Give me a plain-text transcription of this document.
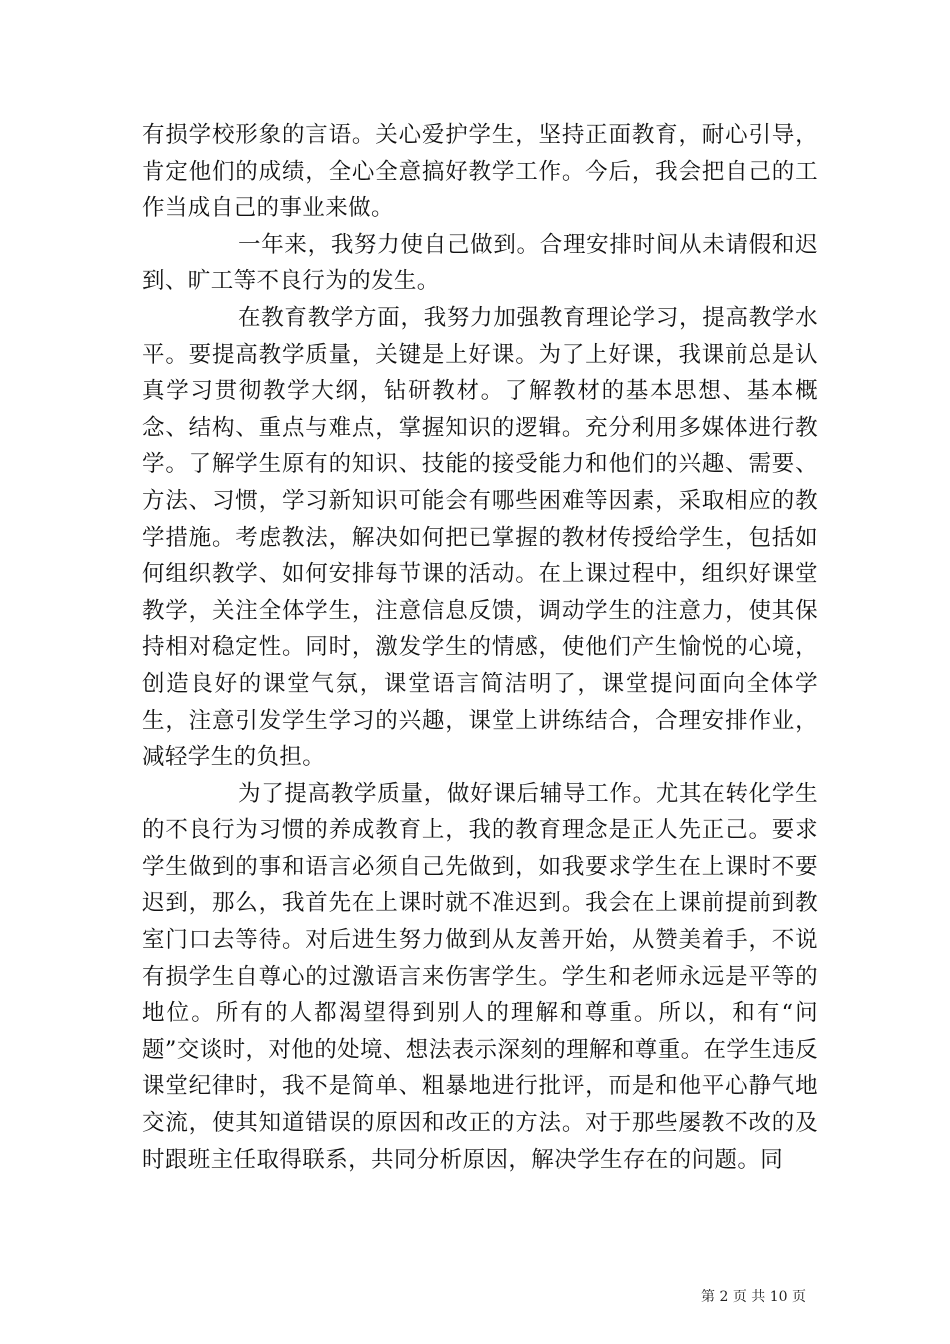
有损学校形象的言语。关心爱护学生，坚持正面教育，耐心引导，肯定他们的成绩，全心全意搞好教学工作。今后，我会把自己的工作当成自己的事业来做。

一年来，我努力使自己做到。合理安排时间从未请假和迟到、旷工等不良行为的发生。

在教育教学方面，我努力加强教育理论学习，提高教学水平。要提高教学质量，关键是上好课。为了上好课，我课前总是认真学习贯彻教学大纲，钻研教材。了解教材的基本思想、基本概念、结构、重点与难点，掌握知识的逻辑。充分利用多媒体进行教学。了解学生原有的知识、技能的接受能力和他们的兴趣、需要、方法、习惯，学习新知识可能会有哪些困难等因素，采取相应的教学措施。考虑教法，解决如何把已掌握的教材传授给学生，包括如何组织教学、如何安排每节课的活动。在上课过程中，组织好课堂教学，关注全体学生，注意信息反馈，调动学生的注意力，使其保持相对稳定性。同时，激发学生的情感，使他们产生愉悦的心境，创造良好的课堂气氛，课堂语言简洁明了，课堂提问面向全体学生，注意引发学生学习的兴趣，课堂上讲练结合，合理安排作业，减轻学生的负担。

为了提高教学质量，做好课后辅导工作。尤其在转化学生的不良行为习惯的养成教育上，我的教育理念是正人先正己。要求学生做到的事和语言必须自己先做到，如我要求学生在上课时不要迟到，那么，我首先在上课时就不准迟到。我会在上课前提前到教室门口去等待。对后进生努力做到从友善开始，从赞美着手，不说有损学生自尊心的过激语言来伤害学生。学生和老师永远是平等的地位。所有的人都渴望得到别人的理解和尊重。所以，和有“问题”交谈时，对他的处境、想法表示深刻的理解和尊重。在学生违反课堂纪律时，我不是简单、粗暴地进行批评，而是和他平心静气地交流，使其知道错误的原因和改正的方法。对于那些屡教不改的及时跟班主任取得联系，共同分析原因，解决学生存在的问题。同

第 2 页 共 10 页
